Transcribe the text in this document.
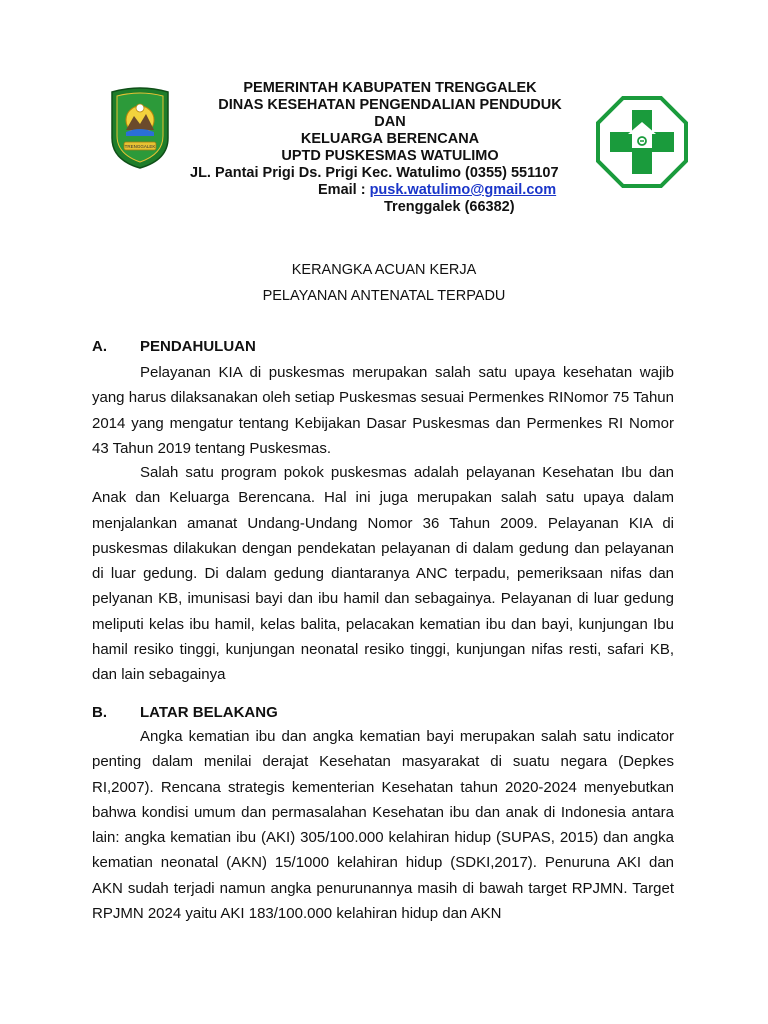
TRENGGALEK
PEMERINTAH KABUPATEN TRENGGALEK
DINAS KESEHATAN PENGENDALIAN PENDUDUK
DAN
KELUARGA BERENCANA
UPTD PUSKESMAS WATULIMO
JL. Pantai Prigi Ds. Prigi Kec. Watulimo (0355) 551107
Email : pusk.watulimo@gmail.com
Trenggalek (66382)
KERANGKA ACUAN KERJA
PELAYANAN ANTENATAL TERPADU
A. PENDAHULUAN
Pelayanan KIA di puskesmas merupakan salah satu upaya kesehatan wajib yang harus dilaksanakan oleh setiap Puskesmas sesuai Permenkes RINomor 75 Tahun 2014 yang mengatur tentang Kebijakan Dasar Puskesmas dan Permenkes RI Nomor 43 Tahun 2019 tentang Puskesmas.
Salah satu program pokok puskesmas adalah pelayanan Kesehatan Ibu dan Anak dan Keluarga Berencana. Hal ini juga merupakan salah satu upaya dalam menjalankan amanat Undang-Undang Nomor 36 Tahun 2009. Pelayanan KIA di puskesmas dilakukan dengan pendekatan pelayanan di dalam gedung dan pelayanan di luar gedung. Di dalam gedung diantaranya ANC terpadu, pemeriksaan nifas dan pelyanan KB, imunisasi bayi dan ibu hamil dan sebagainya. Pelayanan di luar gedung meliputi kelas ibu hamil, kelas balita, pelacakan kematian ibu dan bayi, kunjungan Ibu hamil resiko tinggi, kunjungan neonatal resiko tinggi, kunjungan nifas resti, safari KB, dan lain sebagainya
B. LATAR BELAKANG
Angka kematian ibu dan angka kematian bayi merupakan salah satu indicator penting dalam menilai derajat Kesehatan masyarakat di suatu negara (Depkes RI,2007). Rencana strategis kementerian Kesehatan tahun 2020-2024 menyebutkan bahwa kondisi umum dan permasalahan Kesehatan ibu dan anak di Indonesia antara lain: angka kematian ibu (AKI) 305/100.000 kelahiran hidup (SUPAS, 2015) dan angka kematian neonatal (AKN) 15/1000 kelahiran hidup (SDKI,2017). Penuruna AKI dan AKN sudah terjadi namun angka penurunannya masih di bawah target RPJMN. Target RPJMN 2024 yaitu AKI 183/100.000 kelahiran hidup dan AKN
